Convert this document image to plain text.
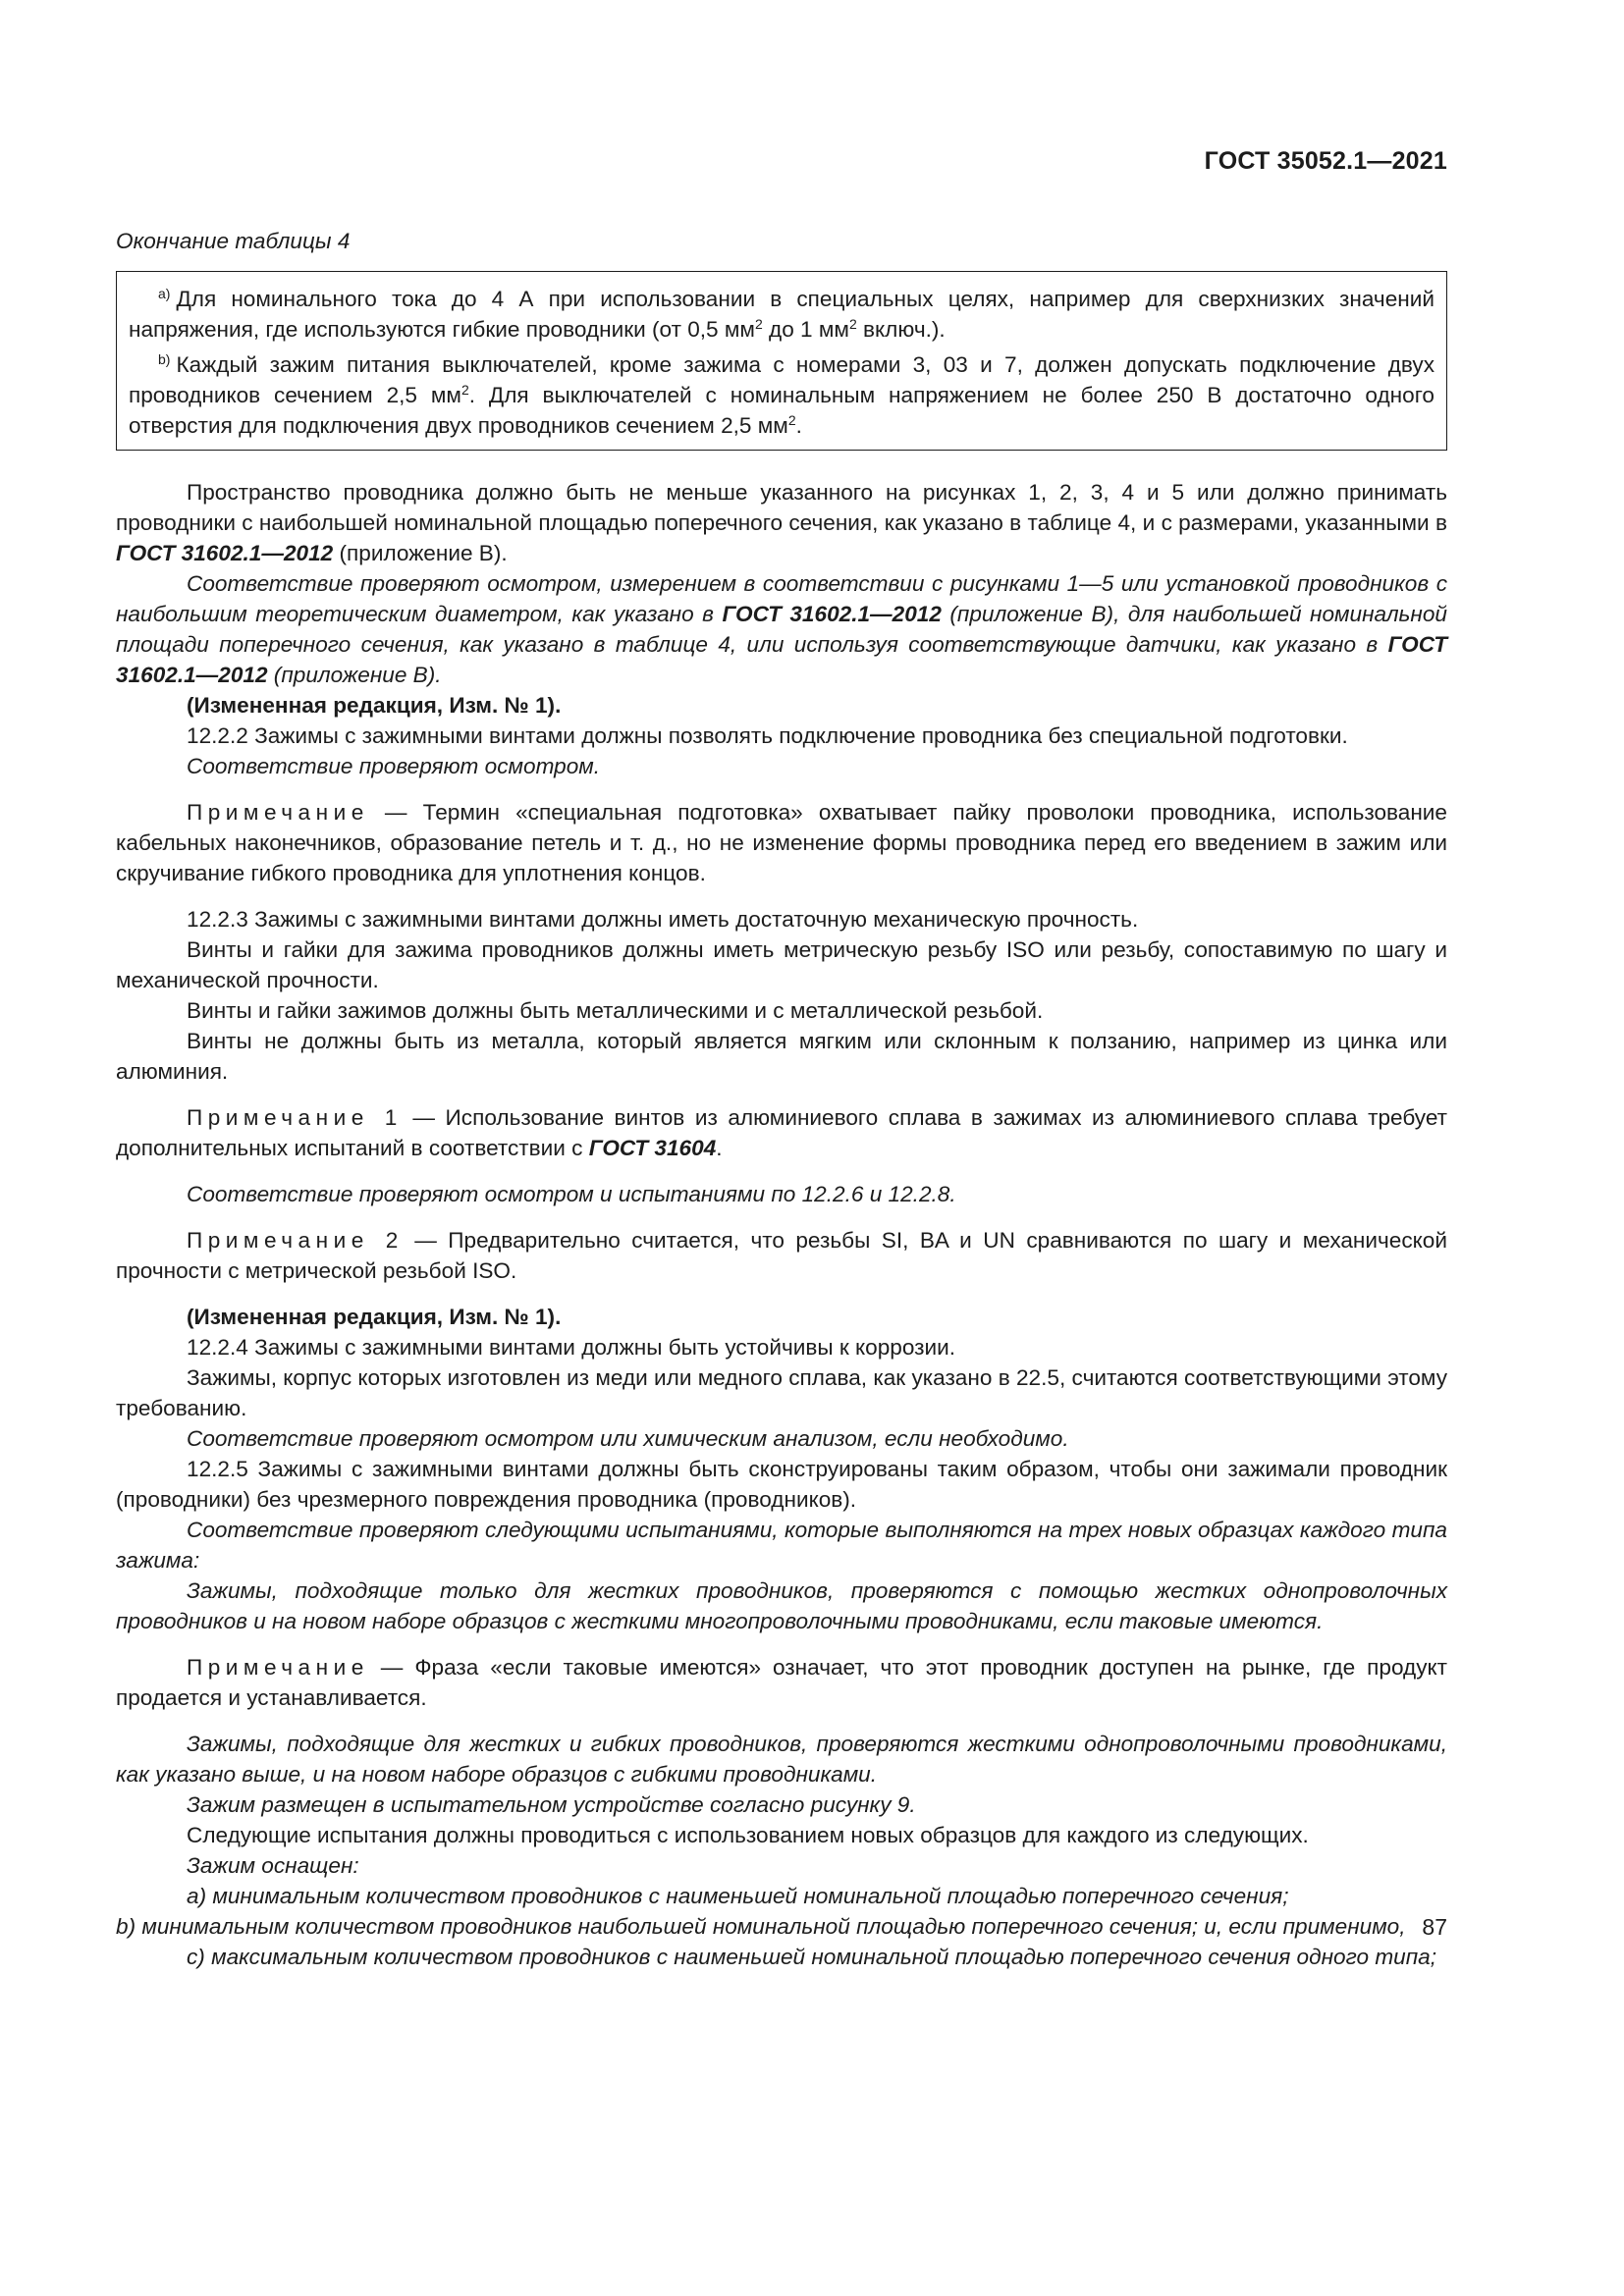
ГОСТ 35052.1—2021

Окончание таблицы 4

$^{a)}$ Для номинального тока до 4 А при использовании в специальных целях, например для сверхнизких значений напряжения, где используются гибкие проводники (от 0,5 $мм^2$ до 1 $мм^2$ включ.).

$^{b)}$ Каждый зажим питания выключателей, кроме зажима с номерами 3, 03 и 7, должен допускать подключение двух проводников сечением 2,5 $мм^2$. Для выключателей с номинальным напряжением не более 250 В достаточно одного отверстия для подключения двух проводников сечением 2,5 $мм^2$.

Пространство проводника должно быть не меньше указанного на рисунках 1, 2, 3, 4 и 5 или должно принимать проводники с наибольшей номинальной площадью поперечного сечения, как указано в таблице 4, и с размерами, указанными в ГОСТ 31602.1—2012 (приложение В).

Соответствие проверяют осмотром, измерением в соответствии с рисунками 1—5 или установкой проводников с наибольшим теоретическим диаметром, как указано в ГОСТ 31602.1—2012 (приложение В), для наибольшей номинальной площади поперечного сечения, как указано в таблице 4, или используя соответствующие датчики, как указано в ГОСТ 31602.1—2012 (приложение В).

(Измененная редакция, Изм. № 1).

12.2.2 Зажимы с зажимными винтами должны позволять подключение проводника без специальной подготовки.

Соответствие проверяют осмотром.

Примечание — Термин «специальная подготовка» охватывает пайку проволоки проводника, использование кабельных наконечников, образование петель и т. д., но не изменение формы проводника перед его введением в зажим или скручивание гибкого проводника для уплотнения концов.

12.2.3 Зажимы с зажимными винтами должны иметь достаточную механическую прочность.

Винты и гайки для зажима проводников должны иметь метрическую резьбу ISO или резьбу, сопоставимую по шагу и механической прочности.

Винты и гайки зажимов должны быть металлическими и с металлической резьбой.

Винты не должны быть из металла, который является мягким или склонным к ползанию, например из цинка или алюминия.

Примечание 1 — Использование винтов из алюминиевого сплава в зажимах из алюминиевого сплава требует дополнительных испытаний в соответствии с ГОСТ 31604.

Соответствие проверяют осмотром и испытаниями по 12.2.6 и 12.2.8.

Примечание 2 — Предварительно считается, что резьбы SI, BA и UN сравниваются по шагу и механической прочности с метрической резьбой ISO.

(Измененная редакция, Изм. № 1).

12.2.4 Зажимы с зажимными винтами должны быть устойчивы к коррозии.

Зажимы, корпус которых изготовлен из меди или медного сплава, как указано в 22.5, считаются соответствующими этому требованию.

Соответствие проверяют осмотром или химическим анализом, если необходимо.

12.2.5 Зажимы с зажимными винтами должны быть сконструированы таким образом, чтобы они зажимали проводник (проводники) без чрезмерного повреждения проводника (проводников).

Соответствие проверяют следующими испытаниями, которые выполняются на трех новых образцах каждого типа зажима:

Зажимы, подходящие только для жестких проводников, проверяются с помощью жестких однопроволочных проводников и на новом наборе образцов с жесткими многопроволочными проводниками, если таковые имеются.

Примечание — Фраза «если таковые имеются» означает, что этот проводник доступен на рынке, где продукт продается и устанавливается.

Зажимы, подходящие для жестких и гибких проводников, проверяются жесткими однопроволочными проводниками, как указано выше, и на новом наборе образцов с гибкими проводниками.

Зажим размещен в испытательном устройстве согласно рисунку 9.

Следующие испытания должны проводиться с использованием новых образцов для каждого из следующих.

Зажим оснащен:

a) минимальным количеством проводников с наименьшей номинальной площадью поперечного сечения;

b) минимальным количеством проводников наибольшей номинальной площадью поперечного сечения; и, если применимо,

c) максимальным количеством проводников с наименьшей номинальной площадью поперечного сечения одного типа;

87
